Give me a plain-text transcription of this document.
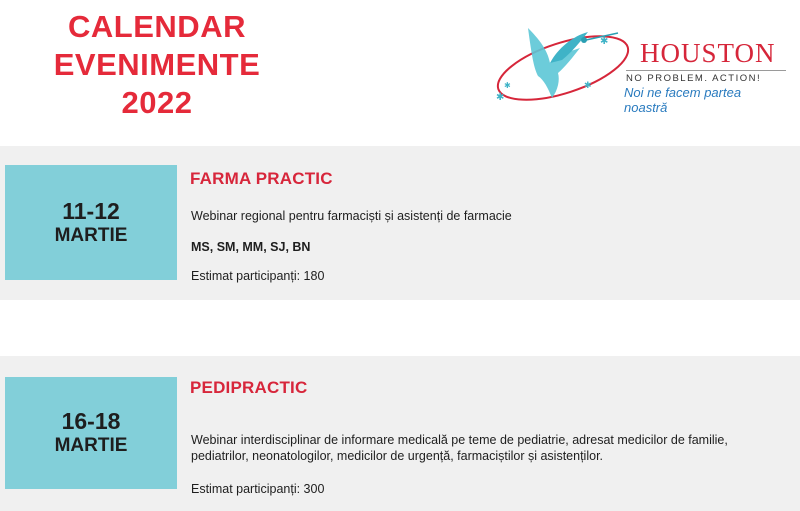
CALENDAR
EVENIMENTE
2022	✱
✱
✱
✱
HOUSTON
NO PROBLEM. ACTION!
Noi ne facem partea noastră
11-12
MARTIE
FARMA PRACTIC
Webinar regional pentru farmaciști și asistenți de farmacie
MS, SM, MM, SJ, BN
Estimat participanți: 180
16-18
MARTIE
PEDIPRACTIC
Webinar interdisciplinar de informare medicală pe teme de pediatrie, adresat medicilor de familie, pediatrilor, neonatologilor, medicilor de urgență, farmaciștilor și asistenților.
Estimat participanți: 300
